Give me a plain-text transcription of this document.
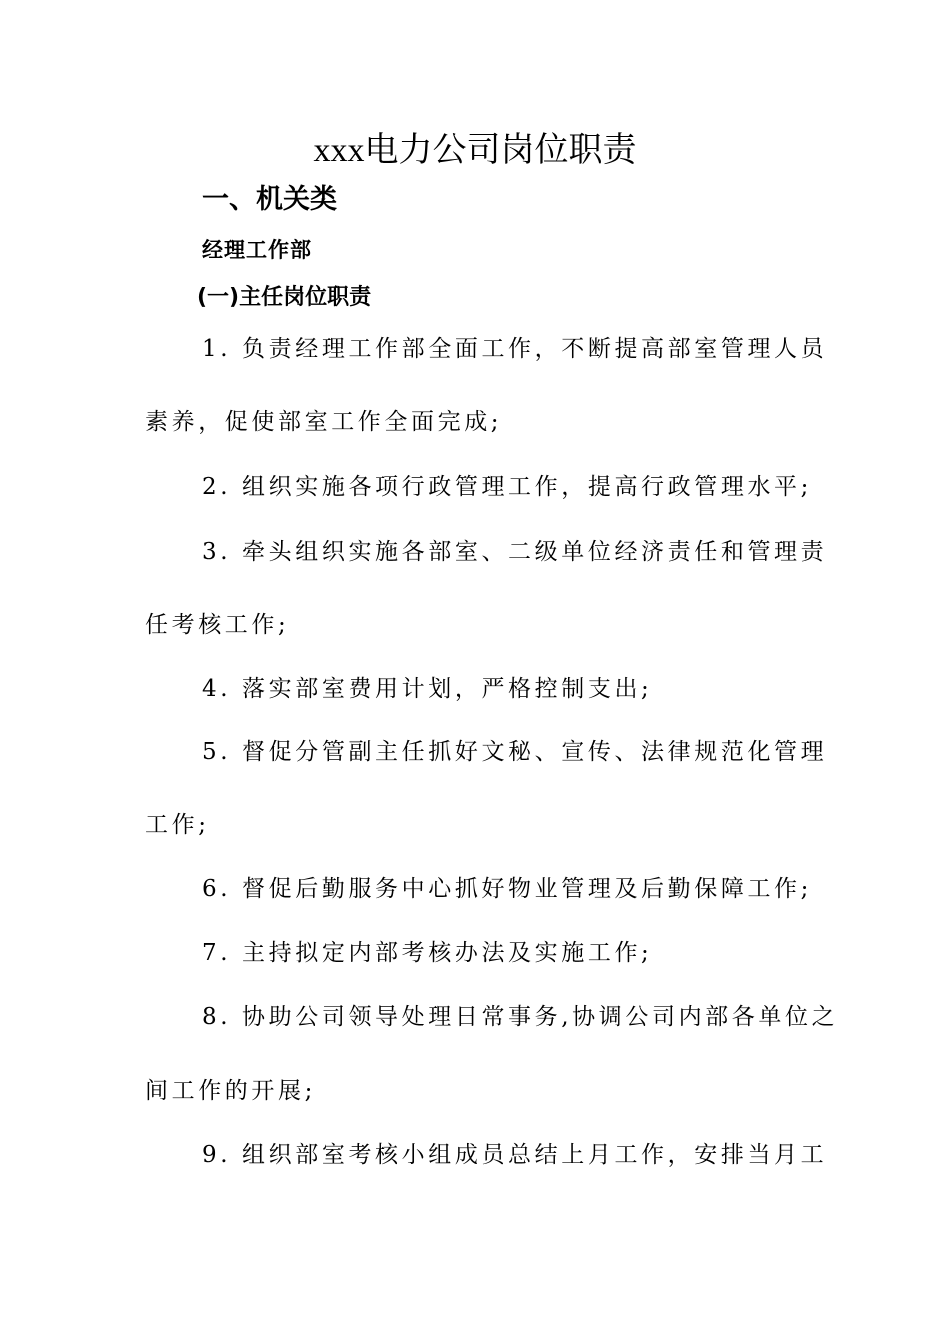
xxx电力公司岗位职责
一、机关类
经理工作部
(一)主任岗位职责
1. 负责经理工作部全面工作，不断提高部室管理人员
素养，促使部室工作全面完成;
2. 组织实施各项行政管理工作，提高行政管理水平;
3. 牵头组织实施各部室、二级单位经济责任和管理责
任考核工作;
4. 落实部室费用计划，严格控制支出;
5. 督促分管副主任抓好文秘、宣传、法律规范化管理
工作;
6. 督促后勤服务中心抓好物业管理及后勤保障工作;
7. 主持拟定内部考核办法及实施工作;
8. 协助公司领导处理日常事务,协调公司内部各单位之
间工作的开展;
9. 组织部室考核小组成员总结上月工作，安排当月工
